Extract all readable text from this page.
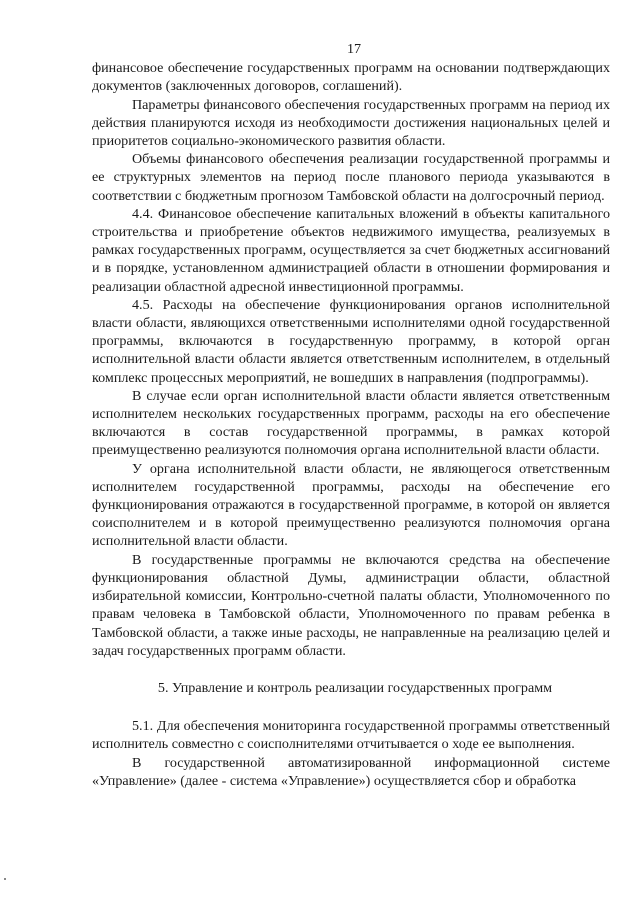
17

финансовое обеспечение государственных программ на основании подтверждающих документов (заключенных договоров, соглашений).

Параметры финансового обеспечения государственных программ на период их действия планируются исходя из необходимости достижения национальных целей и приоритетов социально-экономического развития области.

Объемы финансового обеспечения реализации государственной программы и ее структурных элементов на период после планового периода указываются в соответствии с бюджетным прогнозом Тамбовской области на долгосрочный период.

4.4. Финансовое обеспечение капитальных вложений в объекты капитального строительства и приобретение объектов недвижимого имущества, реализуемых в рамках государственных программ, осуществляется за счет бюджетных ассигнований и в порядке, установленном администрацией области в отношении формирования и реализации областной адресной инвестиционной программы.

4.5. Расходы на обеспечение функционирования органов исполнительной власти области, являющихся ответственными исполнителями одной государственной программы, включаются в государственную программу, в которой орган исполнительной власти области является ответственным исполнителем, в отдельный комплекс процессных мероприятий, не вошедших в направления (подпрограммы).

В случае если орган исполнительной власти области является ответственным исполнителем нескольких государственных программ, расходы на его обеспечение включаются в состав государственной программы, в рамках которой преимущественно реализуются полномочия органа исполнительной власти области.

У органа исполнительной власти области, не являющегося ответственным исполнителем государственной программы, расходы на обеспечение его функционирования отражаются в государственной программе, в которой он является соисполнителем и в которой преимущественно реализуются полномочия органа исполнительной власти области.

В государственные программы не включаются средства на обеспечение функционирования областной Думы, администрации области, областной избирательной комиссии, Контрольно-счетной палаты области, Уполномоченного по правам человека в Тамбовской области, Уполномоченного по правам ребенка в Тамбовской области, а также иные расходы, не направленные на реализацию целей и задач государственных программ области.

5. Управление и контроль реализации государственных программ

5.1. Для обеспечения мониторинга государственной программы ответственный исполнитель совместно с соисполнителями отчитывается о ходе ее выполнения.

В государственной автоматизированной информационной системе «Управление» (далее - система «Управление») осуществляется сбор и обработка
